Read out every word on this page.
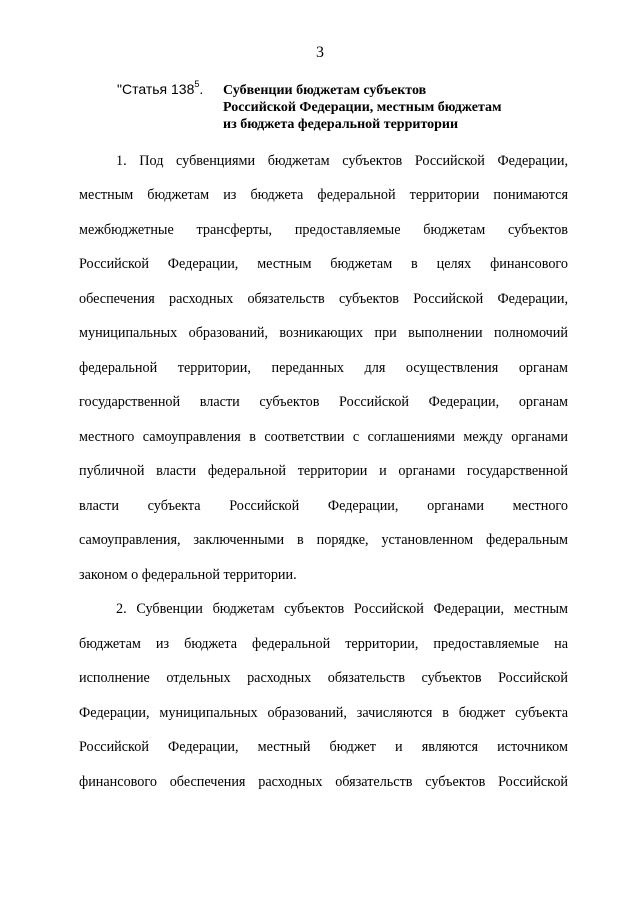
3
"Статья $138^5$. Субвенции бюджетам субъектов
Российской Федерации, местным бюджетам
из бюджета федеральной территории
1. Под субвенциями бюджетам субъектов Российской Федерации,
местным бюджетам из бюджета федеральной территории понимаются
межбюджетные трансферты, предоставляемые бюджетам субъектов
Российской Федерации, местным бюджетам в целях финансового
обеспечения расходных обязательств субъектов Российской Федерации,
муниципальных образований, возникающих при выполнении полномочий
федеральной территории, переданных для осуществления органам
государственной власти субъектов Российской Федерации, органам
местного самоуправления в соответствии с соглашениями между органами
публичной власти федеральной территории и органами государственной
власти субъекта Российской Федерации, органами местного
самоуправления, заключенными в порядке, установленном федеральным
законом о федеральной территории.
2. Субвенции бюджетам субъектов Российской Федерации, местным
бюджетам из бюджета федеральной территории, предоставляемые на
исполнение отдельных расходных обязательств субъектов Российской
Федерации, муниципальных образований, зачисляются в бюджет субъекта
Российской Федерации, местный бюджет и являются источником
финансового обеспечения расходных обязательств субъектов Российской
